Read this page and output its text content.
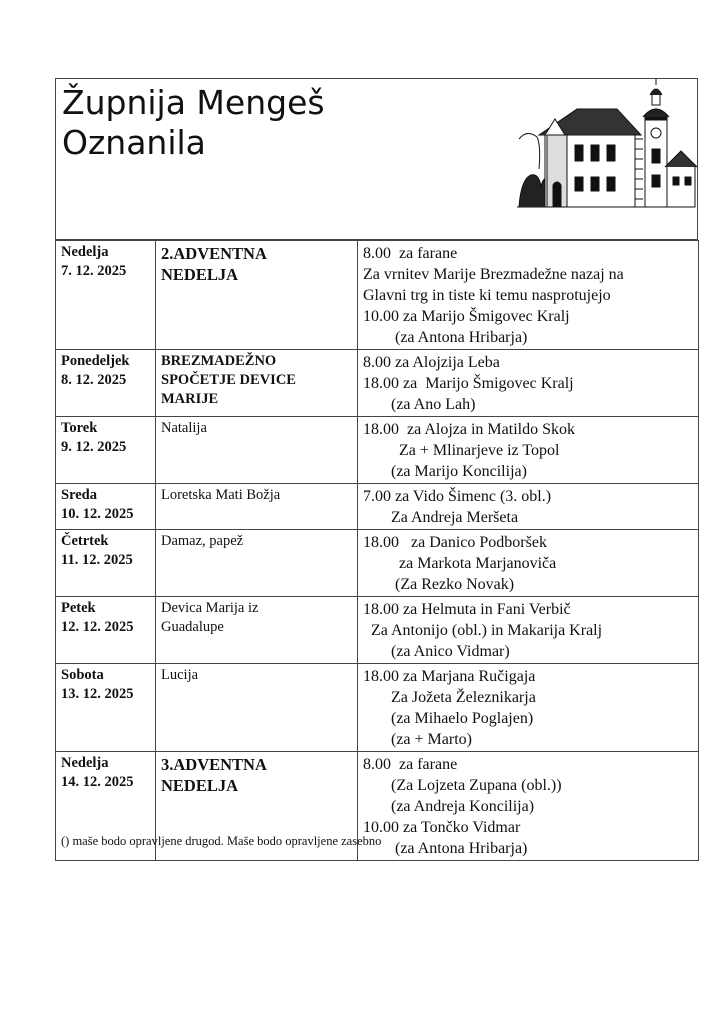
Župnija Mengeš
Oznanila
Nedelja
7. 12. 2025	2.ADVENTNA
NEDELJA	8.00  za farane
Za vrnitev Marije Brezmadežne nazaj na
Glavni trg in tiste ki temu nasprotujejo
10.00 za Marijo Šmigovec Kralj
(za Antona Hribarja)

Ponedeljek
8. 12. 2025	BREZMADEŽNO
SPOČETJE DEVICE
MARIJE	8.00 za Alojzija Leba
18.00 za  Marijo Šmigovec Kralj
(za Ano Lah)

Torek
9. 12. 2025	Natalija	18.00  za Alojza in Matildo Skok
Za + Mlinarjeve iz Topol
(za Marijo Koncilija)

Sreda
10. 12. 2025	Loretska Mati Božja	7.00 za Vido Šimenc (3. obl.)
Za Andreja Meršeta

Četrtek
11. 12. 2025	Damaz, papež	18.00   za Danico Podboršek
za Markota Marjanoviča
(Za Rezko Novak)

Petek
12. 12. 2025	Devica Marija iz
Guadalupe	18.00 za Helmuta in Fani Verbič
Za Antonijo (obl.) in Makarija Kralj
(za Anico Vidmar)

Sobota
13. 12. 2025	Lucija	18.00 za Marjana Ručigaja
Za Jožeta Železnikarja
(za Mihaelo Poglajen)
(za + Marto)

Nedelja
14. 12. 2025	3.ADVENTNA
NEDELJA	8.00  za farane
(Za Lojzeta Zupana (obl.))
(za Andreja Koncilija)
10.00 za Tončko Vidmar
(za Antona Hribarja)
() maše bodo opravljene drugod. Maše bodo opravljene zasebno
